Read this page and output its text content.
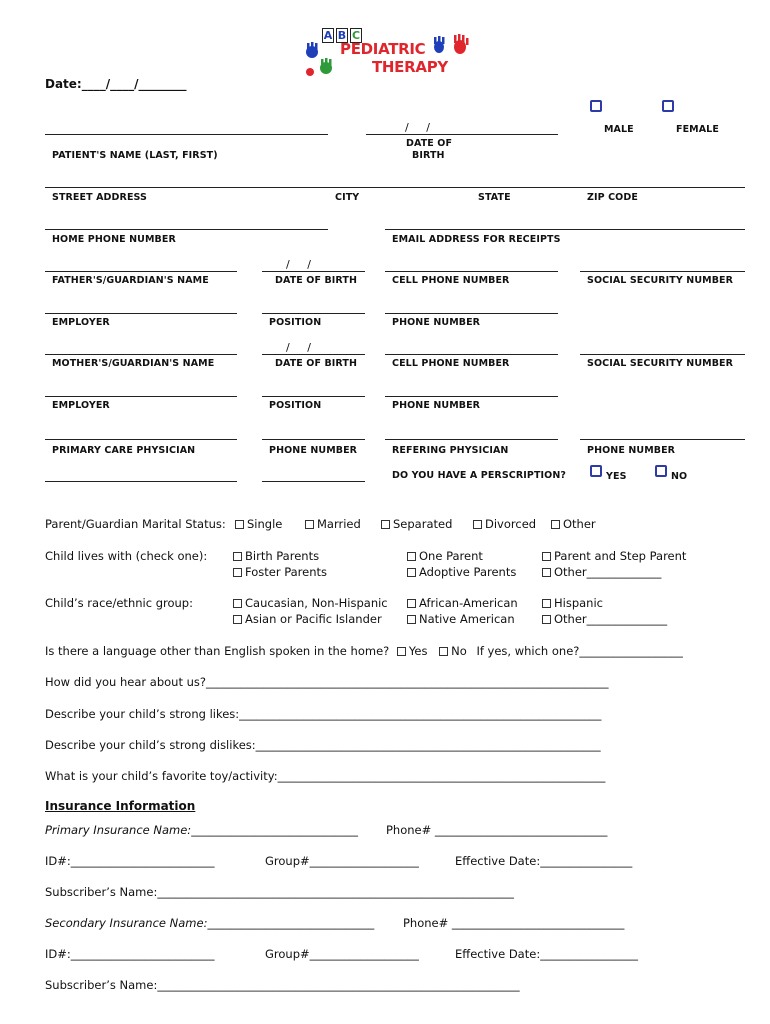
A B C
PEDIATRIC
THERAPY
Date:____/____/________
MALE	FEMALE
PATIENT'S NAME (LAST, FIRST)
/     /
DATE OF
BIRTH
STREET ADDRESS	CITY	STATE	ZIP CODE
HOME PHONE NUMBER	EMAIL ADDRESS FOR RECEIPTS
/     /
FATHER'S/GUARDIAN'S NAME	DATE OF BIRTH	CELL PHONE NUMBER	SOCIAL SECURITY NUMBER
EMPLOYER	POSITION	PHONE NUMBER
/     /
MOTHER'S/GUARDIAN'S NAME	DATE OF BIRTH	CELL PHONE NUMBER	SOCIAL SECURITY NUMBER
EMPLOYER	POSITION	PHONE NUMBER
PRIMARY CARE PHYSICIAN	PHONE NUMBER	REFERING PHYSICIAN	PHONE NUMBER
DO YOU HAVE A PERSCRIPTION?	YES	NO
Parent/Guardian Marital Status:	Single	Married	Separated	Divorced	Other
Child lives with (check one):	Birth Parents	One Parent	Parent and Step Parent
Foster Parents	Adoptive Parents	Other_____________
Child’s race/ethnic group:	Caucasian, Non-Hispanic	African-American	Hispanic
Asian or Pacific Islander	Native American	Other______________
Is there a language other than English spoken in the home? Yes No If yes, which one?__________________
How did you hear about us?______________________________________________________________________
Describe your child’s strong likes:_______________________________________________________________
Describe your child’s strong dislikes:____________________________________________________________
What is your child’s favorite toy/activity:_________________________________________________________
Insurance Information
Primary Insurance Name:_____________________________ Phone# ______________________________
ID#:_________________________	Group#___________________	Effective Date:________________
Subscriber’s Name:______________________________________________________________
Secondary Insurance Name:_____________________________	Phone# ______________________________
ID#:_________________________	Group#___________________	Effective Date:_________________
Subscriber’s Name:_______________________________________________________________
